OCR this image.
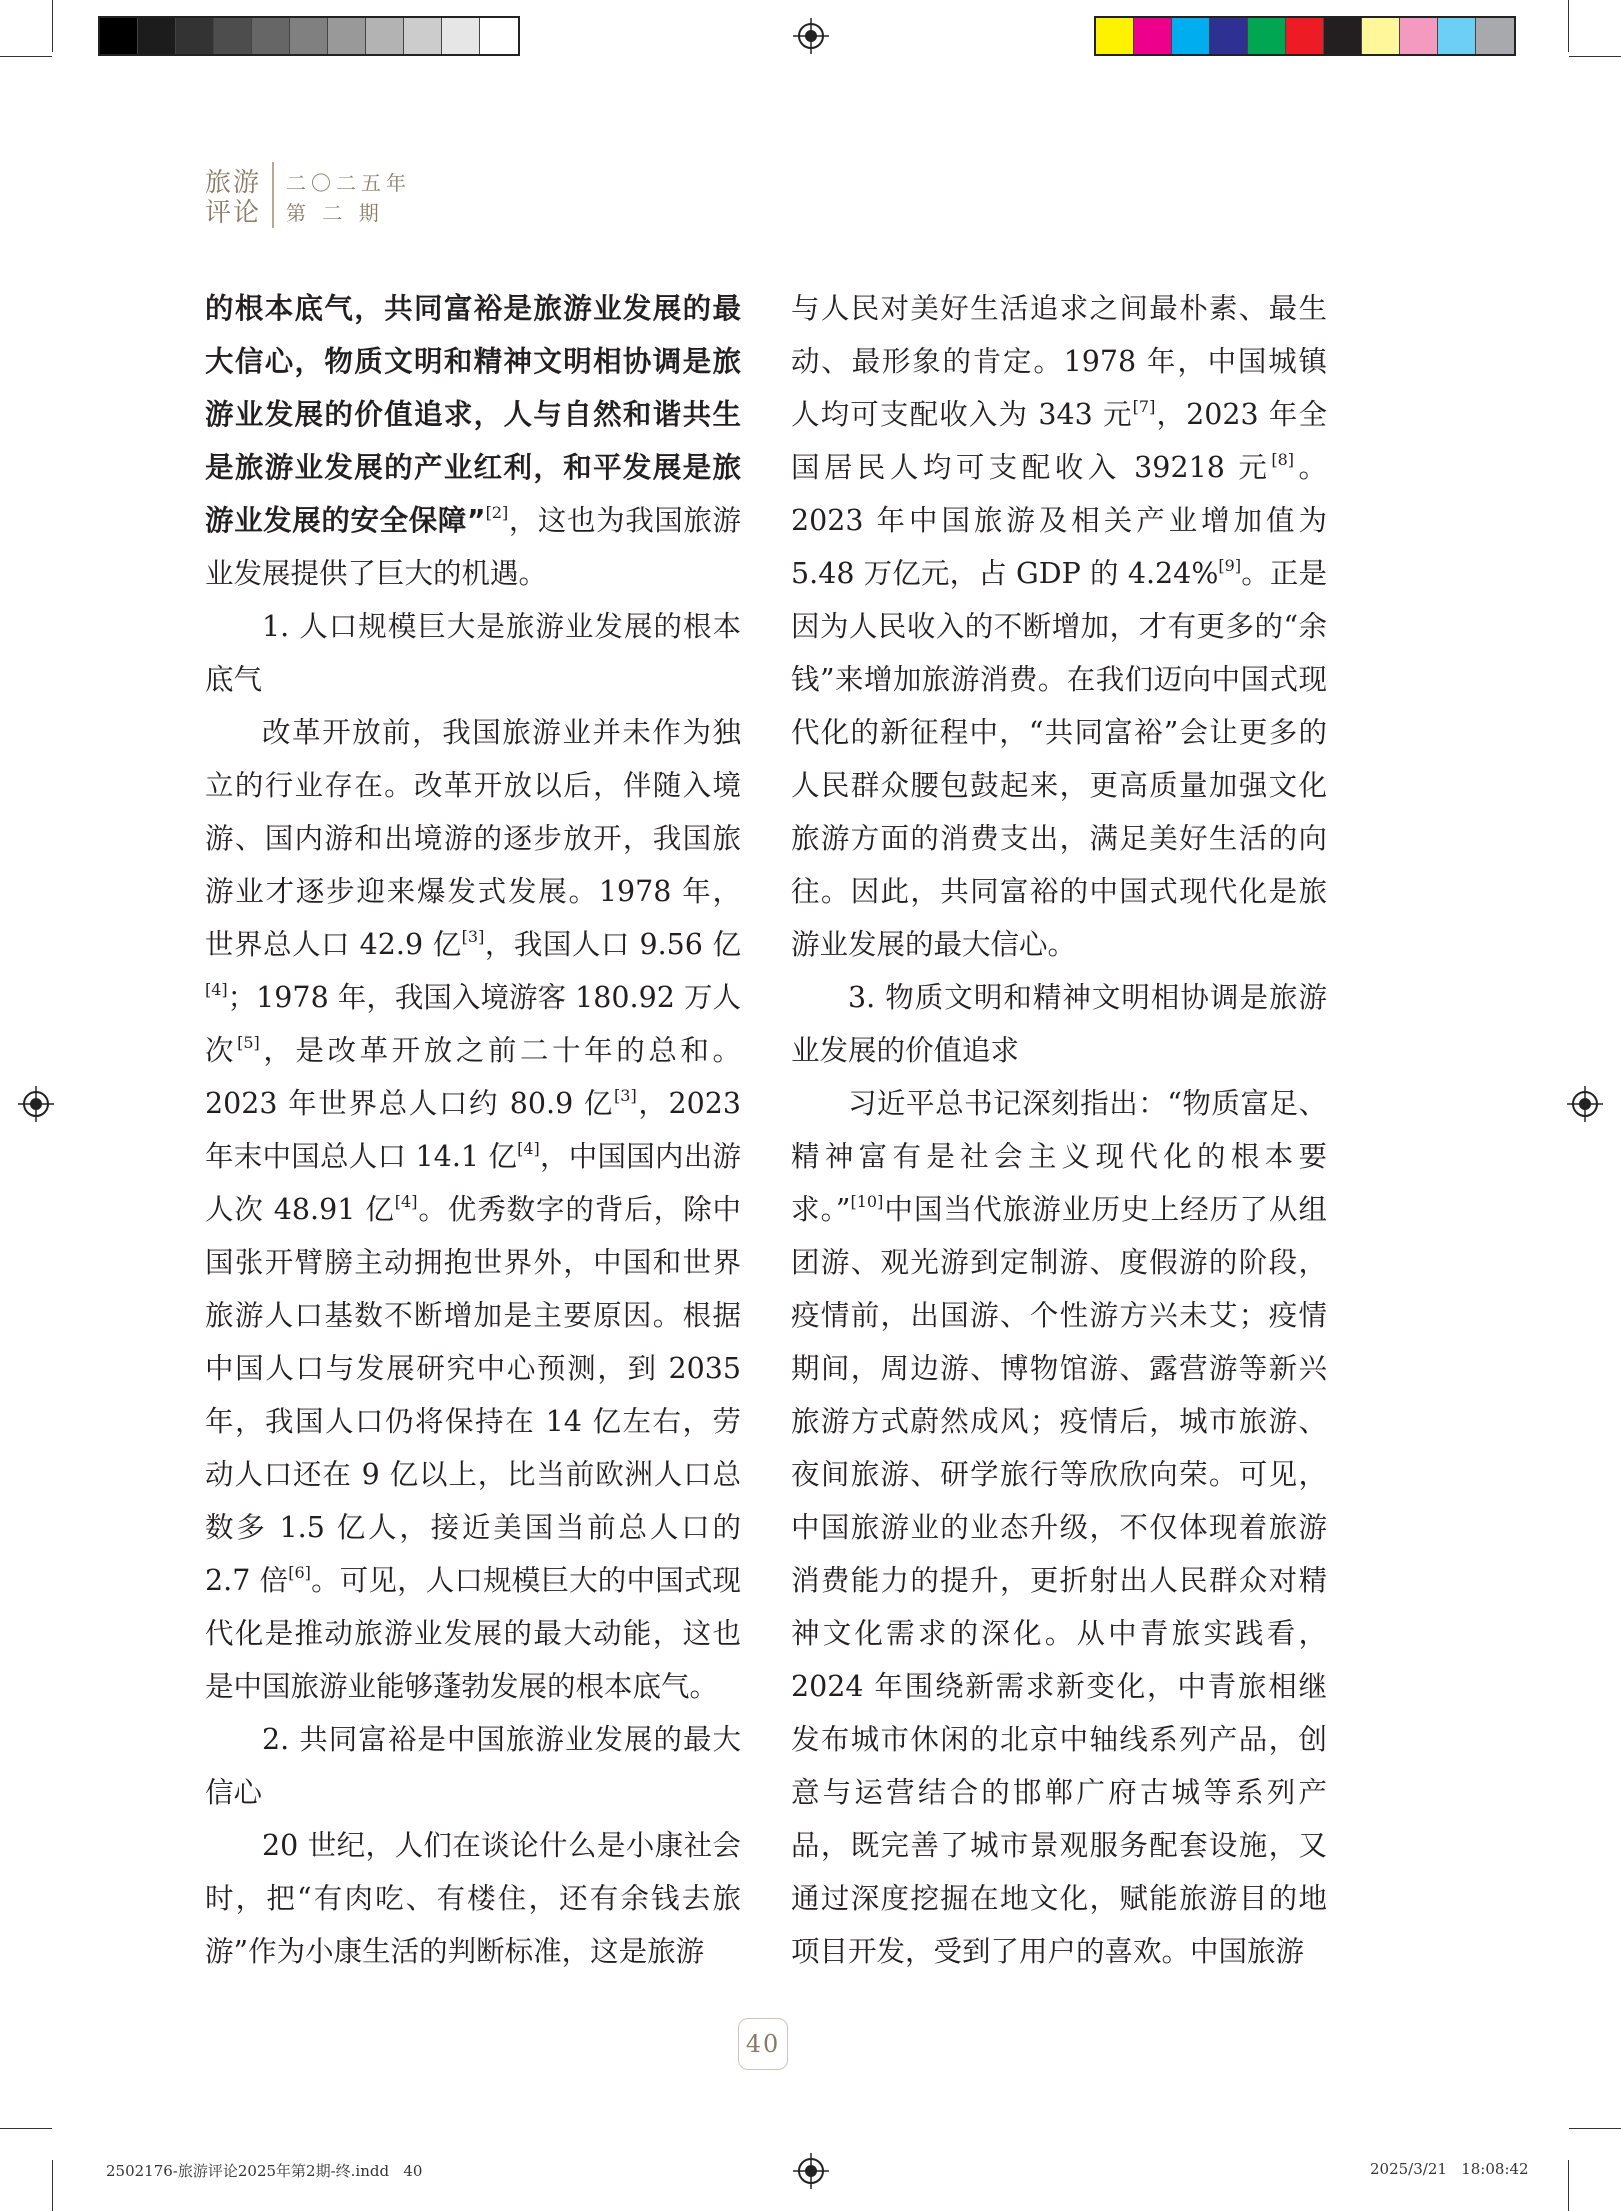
旅游
评论
二〇二五年
第 二 期

的根本底气，共同富裕是旅游业发展的最大信心，物质文明和精神文明相协调是旅游业发展的价值追求，人与自然和谐共生是旅游业发展的产业红利，和平发展是旅游业发展的安全保障”[2]，这也为我国旅游业发展提供了巨大的机遇。

1. 人口规模巨大是旅游业发展的根本底气

改革开放前，我国旅游业并未作为独立的行业存在。改革开放以后，伴随入境游、国内游和出境游的逐步放开，我国旅游业才逐步迎来爆发式发展。1978 年，世界总人口 42.9 亿[3]，我国人口 9.56 亿[4]；1978 年，我国入境游客 180.92 万人次[5]，是改革开放之前二十年的总和。2023 年世界总人口约 80.9 亿[3]，2023 年末中国总人口 14.1 亿[4]，中国国内出游人次 48.91 亿[4]。优秀数字的背后，除中国张开臂膀主动拥抱世界外，中国和世界旅游人口基数不断增加是主要原因。根据中国人口与发展研究中心预测，到 2035 年，我国人口仍将保持在 14 亿左右，劳动人口还在 9 亿以上，比当前欧洲人口总数多 1.5 亿人，接近美国当前总人口的 2.7 倍[6]。可见，人口规模巨大的中国式现代化是推动旅游业发展的最大动能，这也是中国旅游业能够蓬勃发展的根本底气。

2. 共同富裕是中国旅游业发展的最大信心

20 世纪，人们在谈论什么是小康社会时，把“有肉吃、有楼住，还有余钱去旅游”作为小康生活的判断标准，这是旅游

与人民对美好生活追求之间最朴素、最生动、最形象的肯定。1978 年，中国城镇人均可支配收入为 343 元[7]，2023 年全国居民人均可支配收入 39218 元[8]。2023 年中国旅游及相关产业增加值为 5.48 万亿元，占 GDP 的 4.24%[9]。正是因为人民收入的不断增加，才有更多的“余钱”来增加旅游消费。在我们迈向中国式现代化的新征程中，“共同富裕”会让更多的人民群众腰包鼓起来，更高质量加强文化旅游方面的消费支出，满足美好生活的向往。因此，共同富裕的中国式现代化是旅游业发展的最大信心。

3. 物质文明和精神文明相协调是旅游业发展的价值追求

习近平总书记深刻指出：“物质富足、精神富有是社会主义现代化的根本要求。”[10]中国当代旅游业历史上经历了从组团游、观光游到定制游、度假游的阶段，疫情前，出国游、个性游方兴未艾；疫情期间，周边游、博物馆游、露营游等新兴旅游方式蔚然成风；疫情后，城市旅游、夜间旅游、研学旅行等欣欣向荣。可见，中国旅游业的业态升级，不仅体现着旅游消费能力的提升，更折射出人民群众对精神文化需求的深化。从中青旅实践看，2024 年围绕新需求新变化，中青旅相继发布城市休闲的北京中轴线系列产品，创意与运营结合的邯郸广府古城等系列产品，既完善了城市景观服务配套设施，又通过深度挖掘在地文化，赋能旅游目的地项目开发，受到了用户的喜欢。中国旅游

40
2502176-旅游评论2025年第2期-终.indd   40	2025/3/21   18:08:42
